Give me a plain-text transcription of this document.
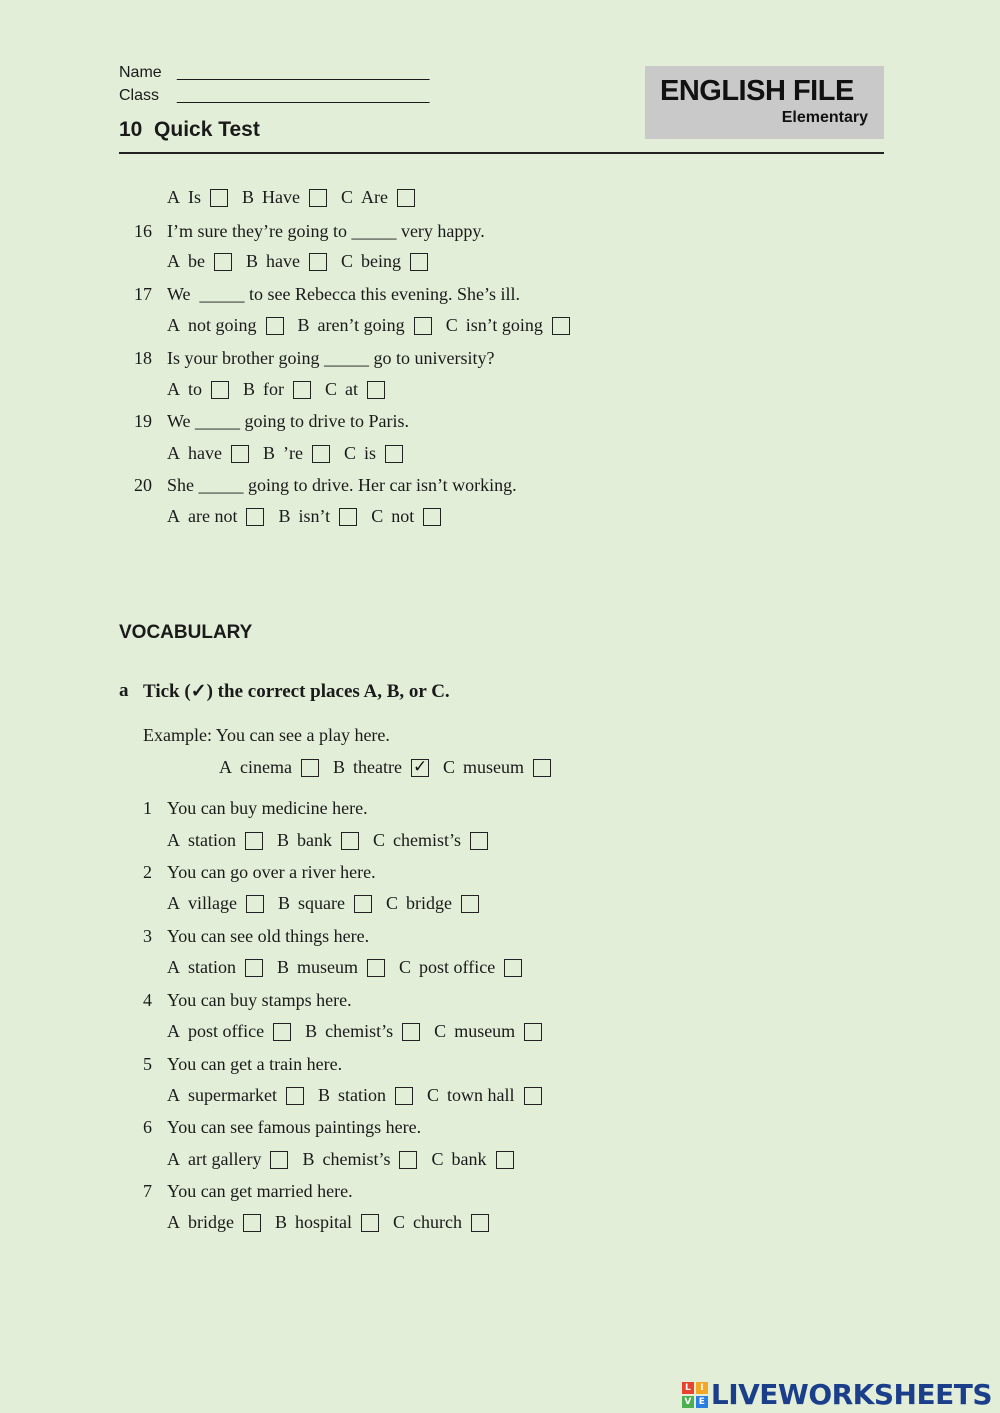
Name ______________________________
Class ______________________________
10  Quick Test
ENGLISH FILE
Elementary
A Is B Have C Are
16 I’m sure they’re going to _____ very happy.
A be B have C being
17 We  _____ to see Rebecca this evening. She’s ill.
A not going B aren’t going C isn’t going
18 Is your brother going _____ go to university?
A to B for C at
19 We _____ going to drive to Paris.
A have B ’re C is
20 She _____ going to drive. Her car isn’t working.
A are not B isn’t C not
VOCABULARY
a Tick (✓) the correct places A, B, or C.
Example: You can see a play here.
A cinema B theatre
✓ C museum
1 You can buy medicine here.
A station B bank C chemist’s
2 You can go over a river here.
A village B square C bridge
3 You can see old things here.
A station B museum C post office
4 You can buy stamps here.
A post office B chemist’s C museum
5 You can get a train here.
A supermarket B station C town hall
6 You can see famous paintings here.
A art gallery B chemist’s C bank
7 You can get married here.
A bridge B hospital C church
L	I
V E LIVEWORKSHEETS
